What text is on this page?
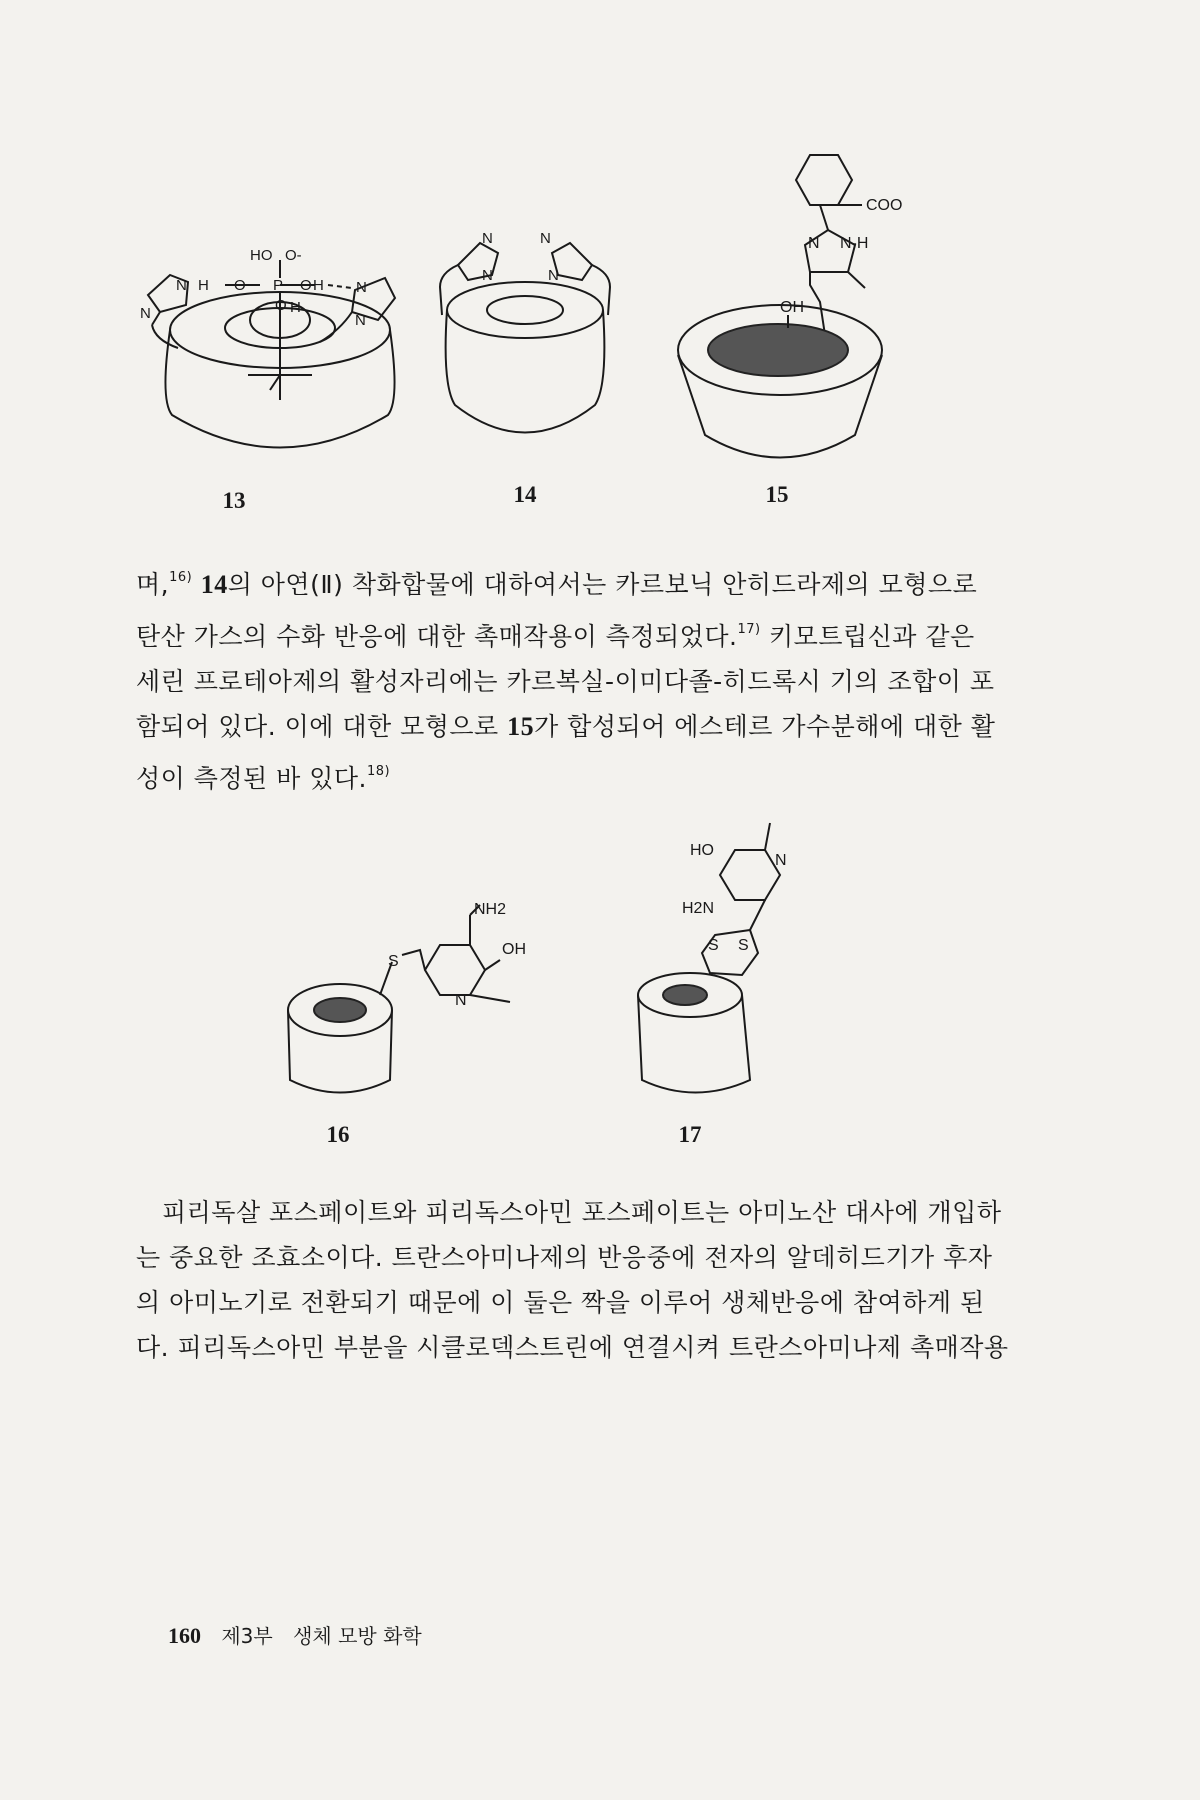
HO O-
P
O	O
O
H	H
H
N
N
N
N
13
N
N
N
N
14
COO
N-H
N
OH
15
며,$^{16)}$ 14의 아연(Ⅱ) 착화합물에 대하여서는 카르보닉 안히드라제의 모형으로
탄산 가스의 수화 반응에 대한 촉매작용이 측정되었다.$^{17)}$ 키모트립신과 같은
세린 프로테아제의 활성자리에는 카르복실-이미다졸-히드록시 기의 조합이 포
함되어 있다. 이에 대한 모형으로 15가 합성되어 에스테르 가수분해에 대한 활
성이 측정된 바 있다.$^{18)}$
NH2
OH
S
N
16
HO
H2N
N
S S
17
피리독살 포스페이트와 피리독스아민 포스페이트는 아미노산 대사에 개입하
는 중요한 조효소이다. 트란스아미나제의 반응중에 전자의 알데히드기가 후자
의 아미노기로 전환되기 때문에 이 둘은 짝을 이루어 생체반응에 참여하게 된
다. 피리독스아민 부분을 시클로덱스트린에 연결시켜 트란스아미나제 촉매작용
160 제3부 생체 모방 화학
